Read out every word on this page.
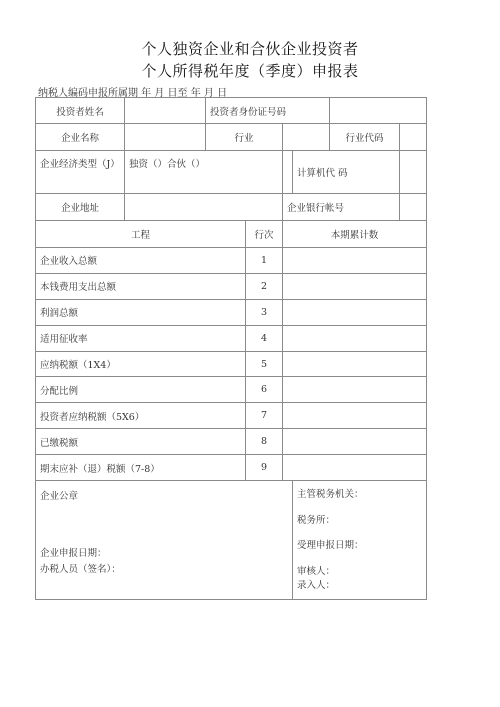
个人独资企业和合伙企业投资者
个人所得税年度（季度）申报表
纳税人编码申报所属期 年 月 日至 年 月 日
投资者姓名		投资者身份证号码					
企业名称		行业				行业代码	
企业经济类型（J）	独资（）合伙（）				计算机代 码		
企业地址				企业银行帐号			
工程			行次	本期累计数			
企业收入总额			1				
本钱费用支出总额			2				
利润总额			3				
适用征收率			4				
应纳税额（1X4）			5				
分配比例			6				
投资者应纳税额（5X6）			7				
已缴税额			8				
期末应补（退）税额（7-8）			9				

企业公章
企业申报日期：
办税人员（签名）：					主管税务机关：
税务所：
受理申报日期：
审核人：
录入人：		
